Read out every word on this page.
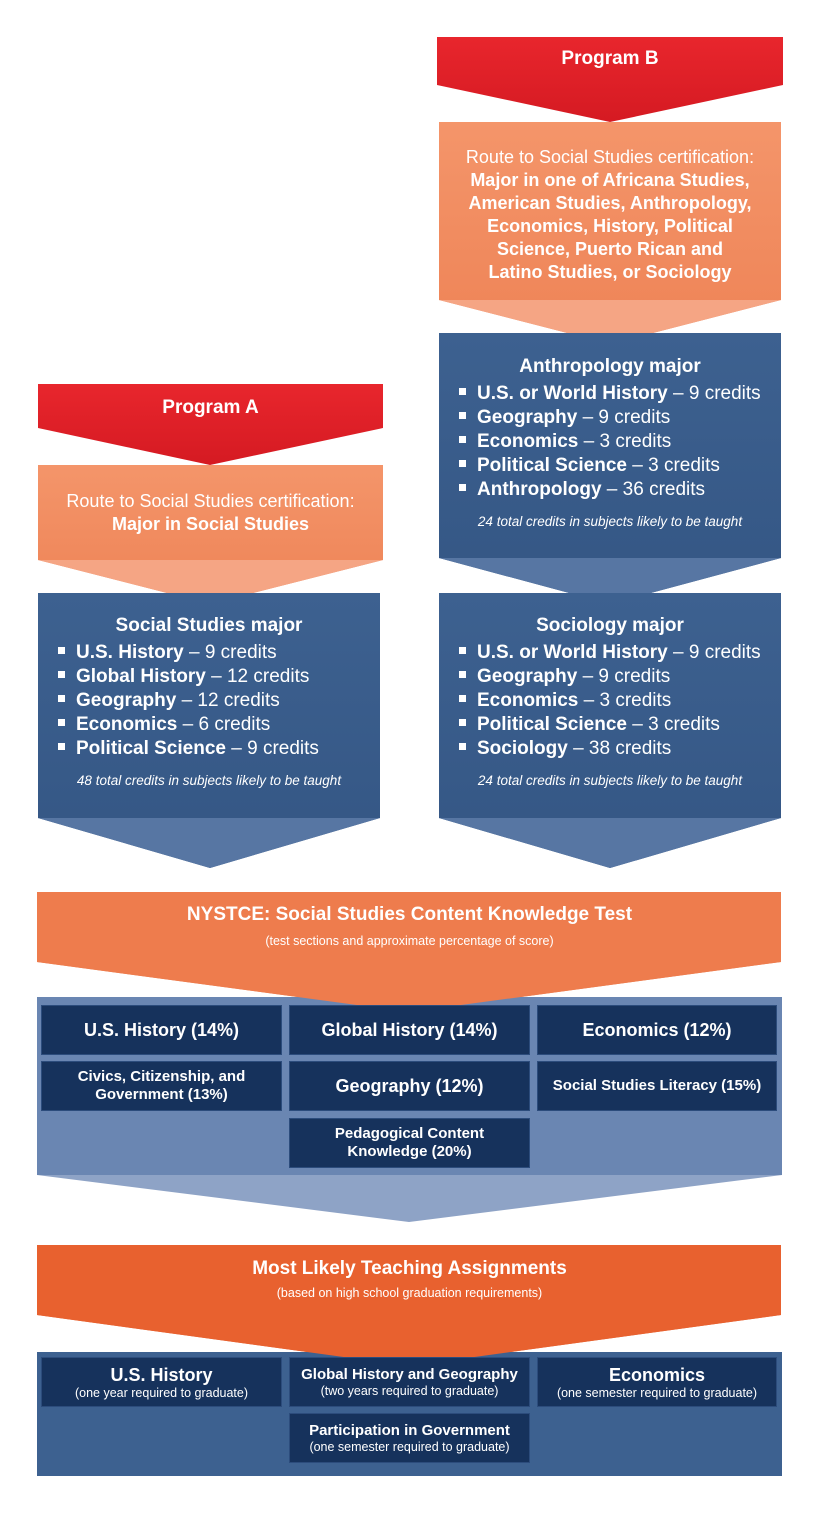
Program B
Route to Social Studies certification:
Major in one of Africana Studies,
American Studies, Anthropology,
Economics, History, Political
Science, Puerto Rican and
Latino Studies, or Sociology
Anthropology major
U.S. or World History – 9 credits
Geography – 9 credits
Economics – 3 credits
Political Science – 3 credits
Anthropology – 36 credits
24 total credits in subjects likely to be taught
Sociology major
U.S. or World History – 9 credits
Geography – 9 credits
Economics – 3 credits
Political Science – 3 credits
Sociology – 38 credits
24 total credits in subjects likely to be taught
Program A
Route to Social Studies certification:
Major in Social Studies
Social Studies major
U.S. History – 9 credits
Global History – 12 credits
Geography – 12 credits
Economics – 6 credits
Political Science – 9 credits
48 total credits in subjects likely to be taught
NYSTCE: Social Studies Content Knowledge Test
(test sections and approximate percentage of score)
U.S. History (14%)	Global History (14%)	Economics (12%)
Civics, Citizenship, and Government (13%)	Geography (12%)	Social Studies Literacy (15%)
Pedagogical Content Knowledge (20%)
Most Likely Teaching Assignments
(based on high school graduation requirements)
U.S. History
(one year required to graduate)
Global History and Geography
(two years required to graduate)
Economics
(one semester required to graduate)
Participation in Government
(one semester required to graduate)
